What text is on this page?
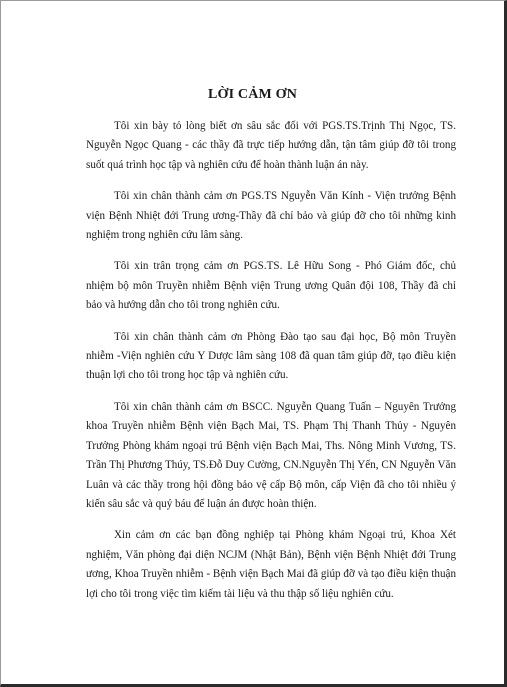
LỜI CẢM ƠN

Tôi xin bày tỏ lòng biết ơn sâu sắc đối với PGS.TS.Trịnh Thị Ngọc, TS. Nguyễn Ngọc Quang - các thầy đã trực tiếp hướng dẫn, tận tâm giúp đỡ tôi trong suốt quá trình học tập và nghiên cứu để hoàn thành luận án này.

Tôi xin chân thành cảm ơn PGS.TS Nguyễn Văn Kính - Viện trưởng Bệnh viện Bệnh Nhiệt đới Trung ương-Thầy đã chỉ bảo và giúp đỡ cho tôi những kinh nghiệm trong nghiên cứu lâm sàng.

Tôi xin trân trọng cảm ơn PGS.TS. Lê Hữu Song - Phó Giám đốc, chủ nhiệm bộ môn Truyền nhiễm Bệnh viện Trung ương Quân đội 108, Thầy đã chỉ bảo và hướng dẫn cho tôi trong nghiên cứu.

Tôi xin chân thành cảm ơn Phòng Đào tạo sau đại học, Bộ môn Truyền nhiễm -Viện nghiên cứu Y Dược lâm sàng 108 đã quan tâm giúp đỡ, tạo điều kiện thuận lợi cho tôi trong học tập và nghiên cứu.

Tôi xin chân thành cảm ơn BSCC. Nguyễn Quang Tuấn – Nguyên Trưởng khoa Truyền nhiễm Bệnh viện Bạch Mai, TS. Phạm Thị Thanh Thủy - Nguyên Trưởng Phòng khám ngoại trú Bệnh viện Bạch Mai, Ths. Nông Minh Vương, TS. Trần Thị Phương Thúy, TS.Đỗ Duy Cường, CN.Nguyễn Thị Yến, CN Nguyễn Văn Luân và các thầy trong hội đồng bảo vệ cấp Bộ môn, cấp Viện đã cho tôi nhiều ý kiến sâu sắc và quý báu để luận án được hoàn thiện.

Xin cảm ơn các bạn đồng nghiệp tại Phòng khám Ngoại trú, Khoa Xét nghiệm, Văn phòng đại diện NCJM (Nhật Bản), Bệnh viện Bệnh Nhiệt đới Trung ương, Khoa Truyền nhiễm - Bệnh viện Bạch Mai đã giúp đỡ và tạo điều kiện thuận lợi cho tôi trong việc tìm kiếm tài liệu và thu thập số liệu nghiên cứu.
